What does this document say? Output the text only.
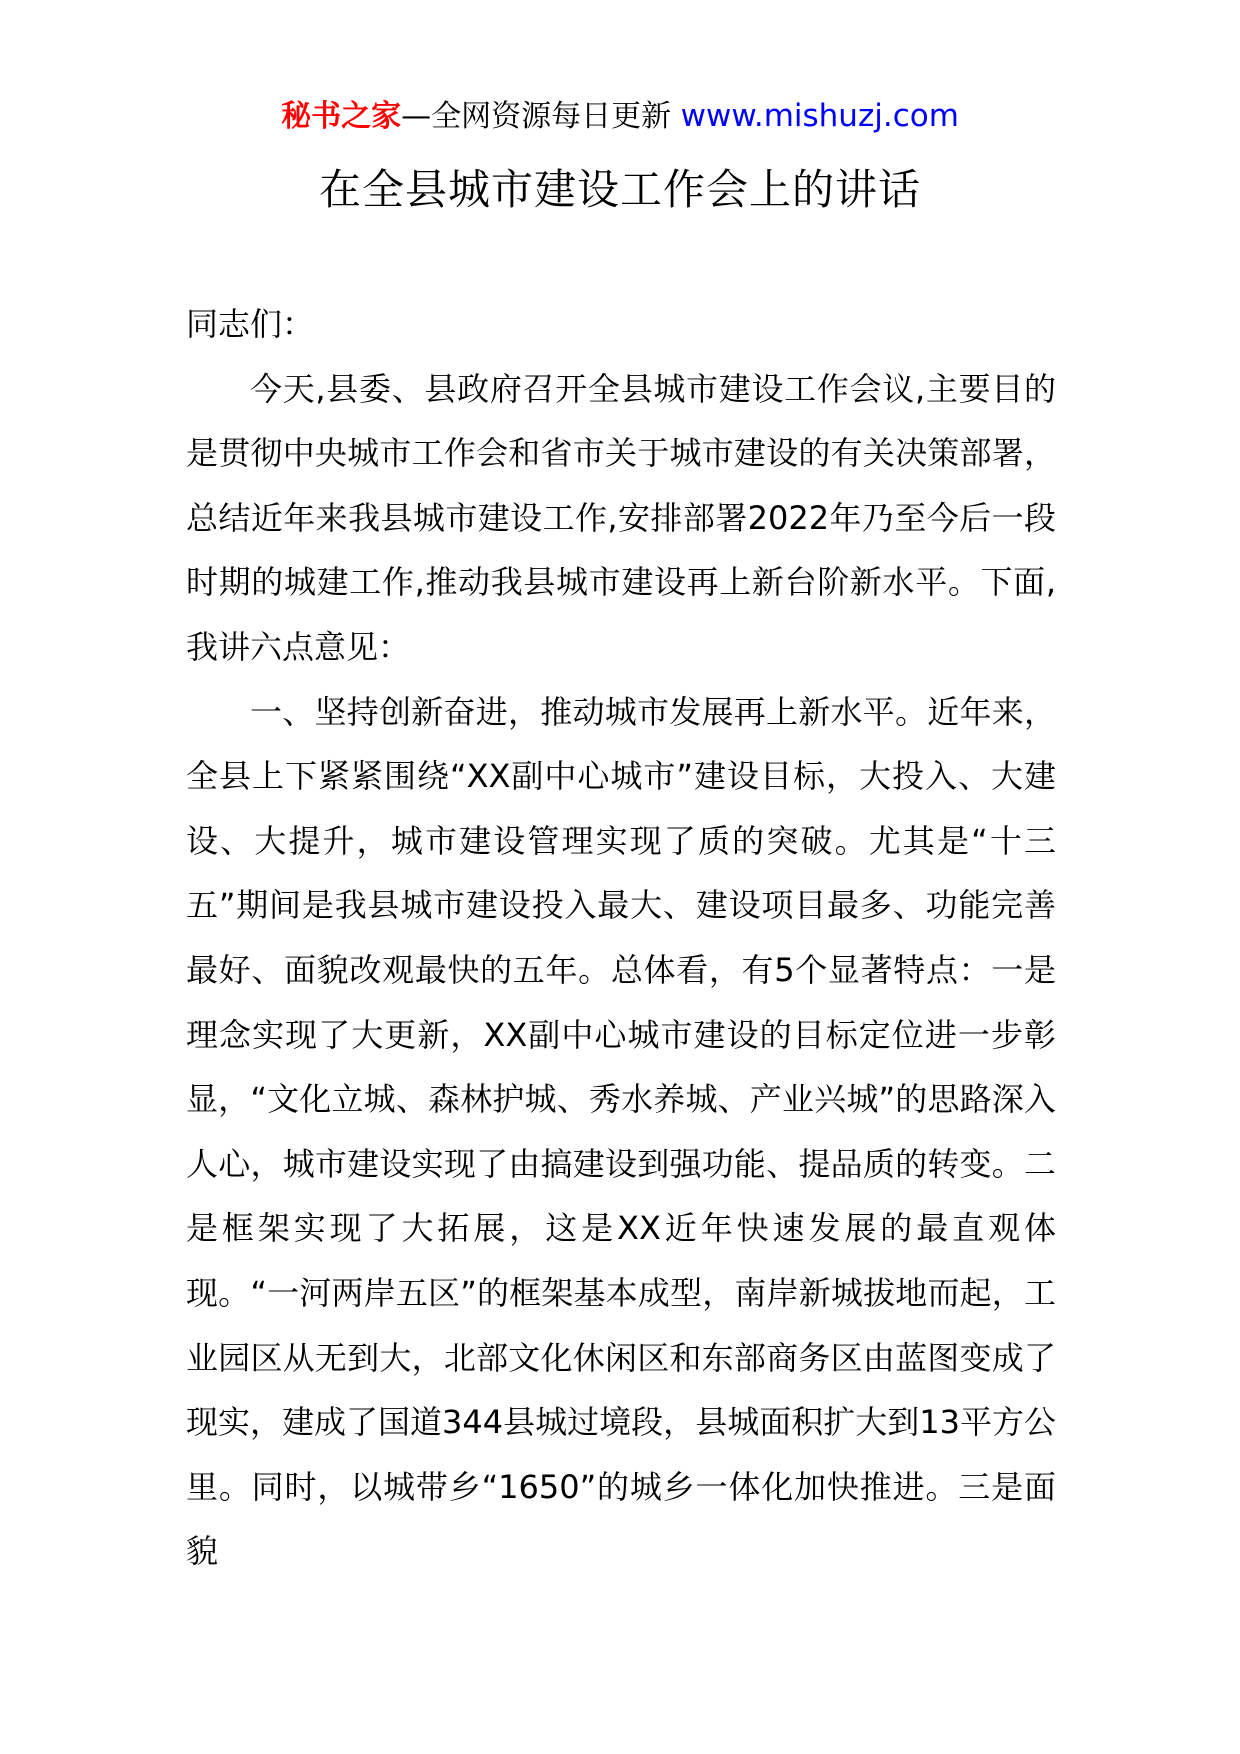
秘书之家—全网资源每日更新 www.mishuzj.com
在全县城市建设工作会上的讲话

同志们：

今天,县委、县政府召开全县城市建设工作会议,主要目的是贯彻中央城市工作会和省市关于城市建设的有关决策部署，总结近年来我县城市建设工作,安排部署2022年乃至今后一段时期的城建工作,推动我县城市建设再上新台阶新水平。下面,我讲六点意见：

一、坚持创新奋进，推动城市发展再上新水平。近年来，全县上下紧紧围绕“XX副中心城市”建设目标，大投入、大建设、大提升，城市建设管理实现了质的突破。尤其是“十三五”期间是我县城市建设投入最大、建设项目最多、功能完善最好、面貌改观最快的五年。总体看，有5个显著特点：一是理念实现了大更新，XX副中心城市建设的目标定位进一步彰显，“文化立城、森林护城、秀水养城、产业兴城”的思路深入人心，城市建设实现了由搞建设到强功能、提品质的转变。二是框架实现了大拓展，这是XX近年快速发展的最直观体现。“一河两岸五区”的框架基本成型，南岸新城拔地而起，工业园区从无到大，北部文化休闲区和东部商务区由蓝图变成了现实，建成了国道344县城过境段，县城面积扩大到13平方公里。同时，以城带乡“1650”的城乡一体化加快推进。三是面貌
